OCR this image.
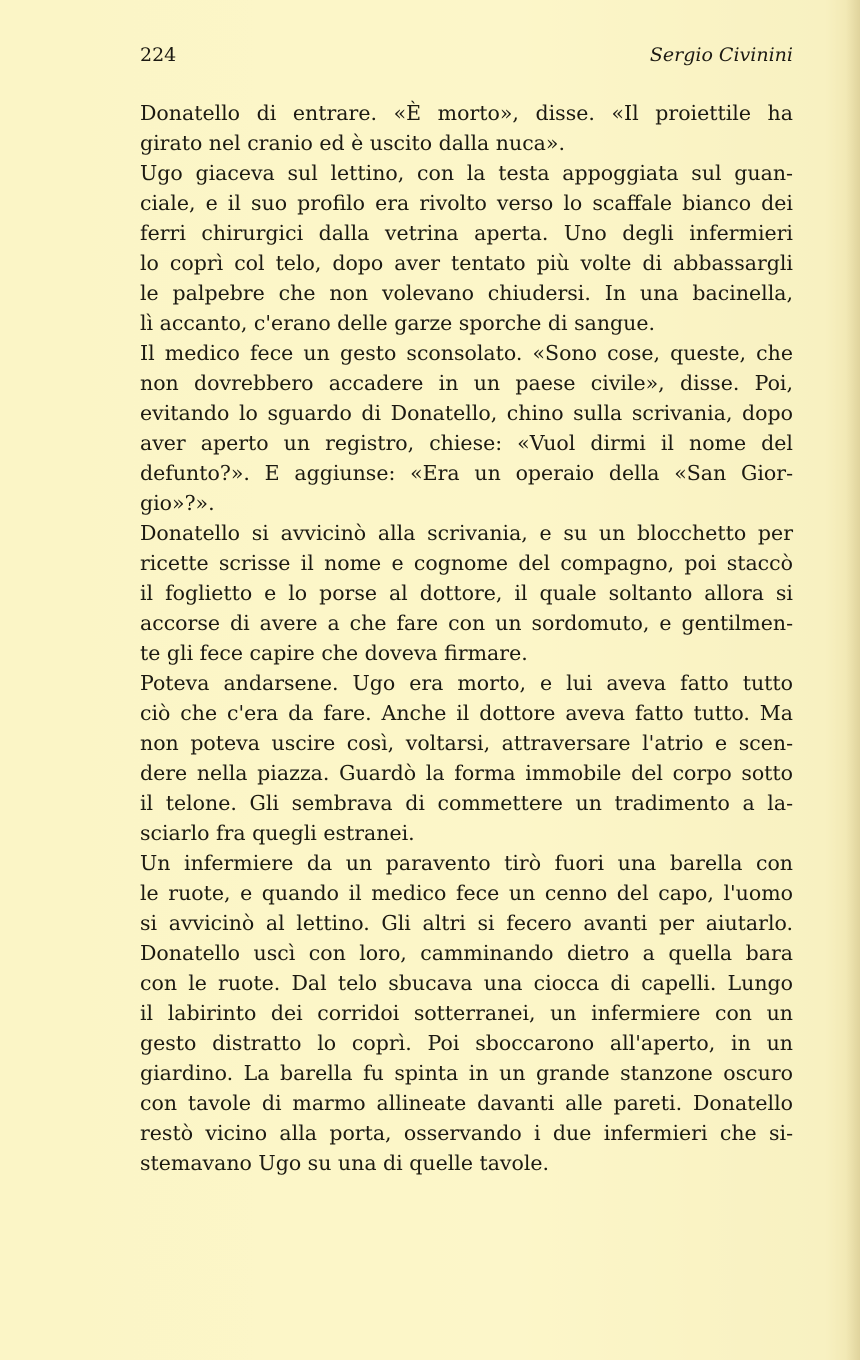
224	Sergio Civinini
Donatello di entrare. «È morto», disse. «Il proiettile ha
girato nel cranio ed è uscito dalla nuca».
Ugo giaceva sul lettino, con la testa appoggiata sul guan-
ciale, e il suo profilo era rivolto verso lo scaffale bianco dei
ferri chirurgici dalla vetrina aperta. Uno degli infermieri
lo coprì col telo, dopo aver tentato più volte di abbassargli
le palpebre che non volevano chiudersi. In una bacinella,
lì accanto, c'erano delle garze sporche di sangue.
Il medico fece un gesto sconsolato. «Sono cose, queste, che
non dovrebbero accadere in un paese civile», disse. Poi,
evitando lo sguardo di Donatello, chino sulla scrivania, dopo
aver aperto un registro, chiese: «Vuol dirmi il nome del
defunto?». E aggiunse: «Era un operaio della «San Gior-
gio»?».
Donatello si avvicinò alla scrivania, e su un blocchetto per
ricette scrisse il nome e cognome del compagno, poi staccò
il foglietto e lo porse al dottore, il quale soltanto allora si
accorse di avere a che fare con un sordomuto, e gentilmen-
te gli fece capire che doveva firmare.
Poteva andarsene. Ugo era morto, e lui aveva fatto tutto
ciò che c'era da fare. Anche il dottore aveva fatto tutto. Ma
non poteva uscire così, voltarsi, attraversare l'atrio e scen-
dere nella piazza. Guardò la forma immobile del corpo sotto
il telone. Gli sembrava di commettere un tradimento a la-
sciarlo fra quegli estranei.
Un infermiere da un paravento tirò fuori una barella con
le ruote, e quando il medico fece un cenno del capo, l'uomo
si avvicinò al lettino. Gli altri si fecero avanti per aiutarlo.
Donatello uscì con loro, camminando dietro a quella bara
con le ruote. Dal telo sbucava una ciocca di capelli. Lungo
il labirinto dei corridoi sotterranei, un infermiere con un
gesto distratto lo coprì. Poi sboccarono all'aperto, in un
giardino. La barella fu spinta in un grande stanzone oscuro
con tavole di marmo allineate davanti alle pareti. Donatello
restò vicino alla porta, osservando i due infermieri che si-
stemavano Ugo su una di quelle tavole.
